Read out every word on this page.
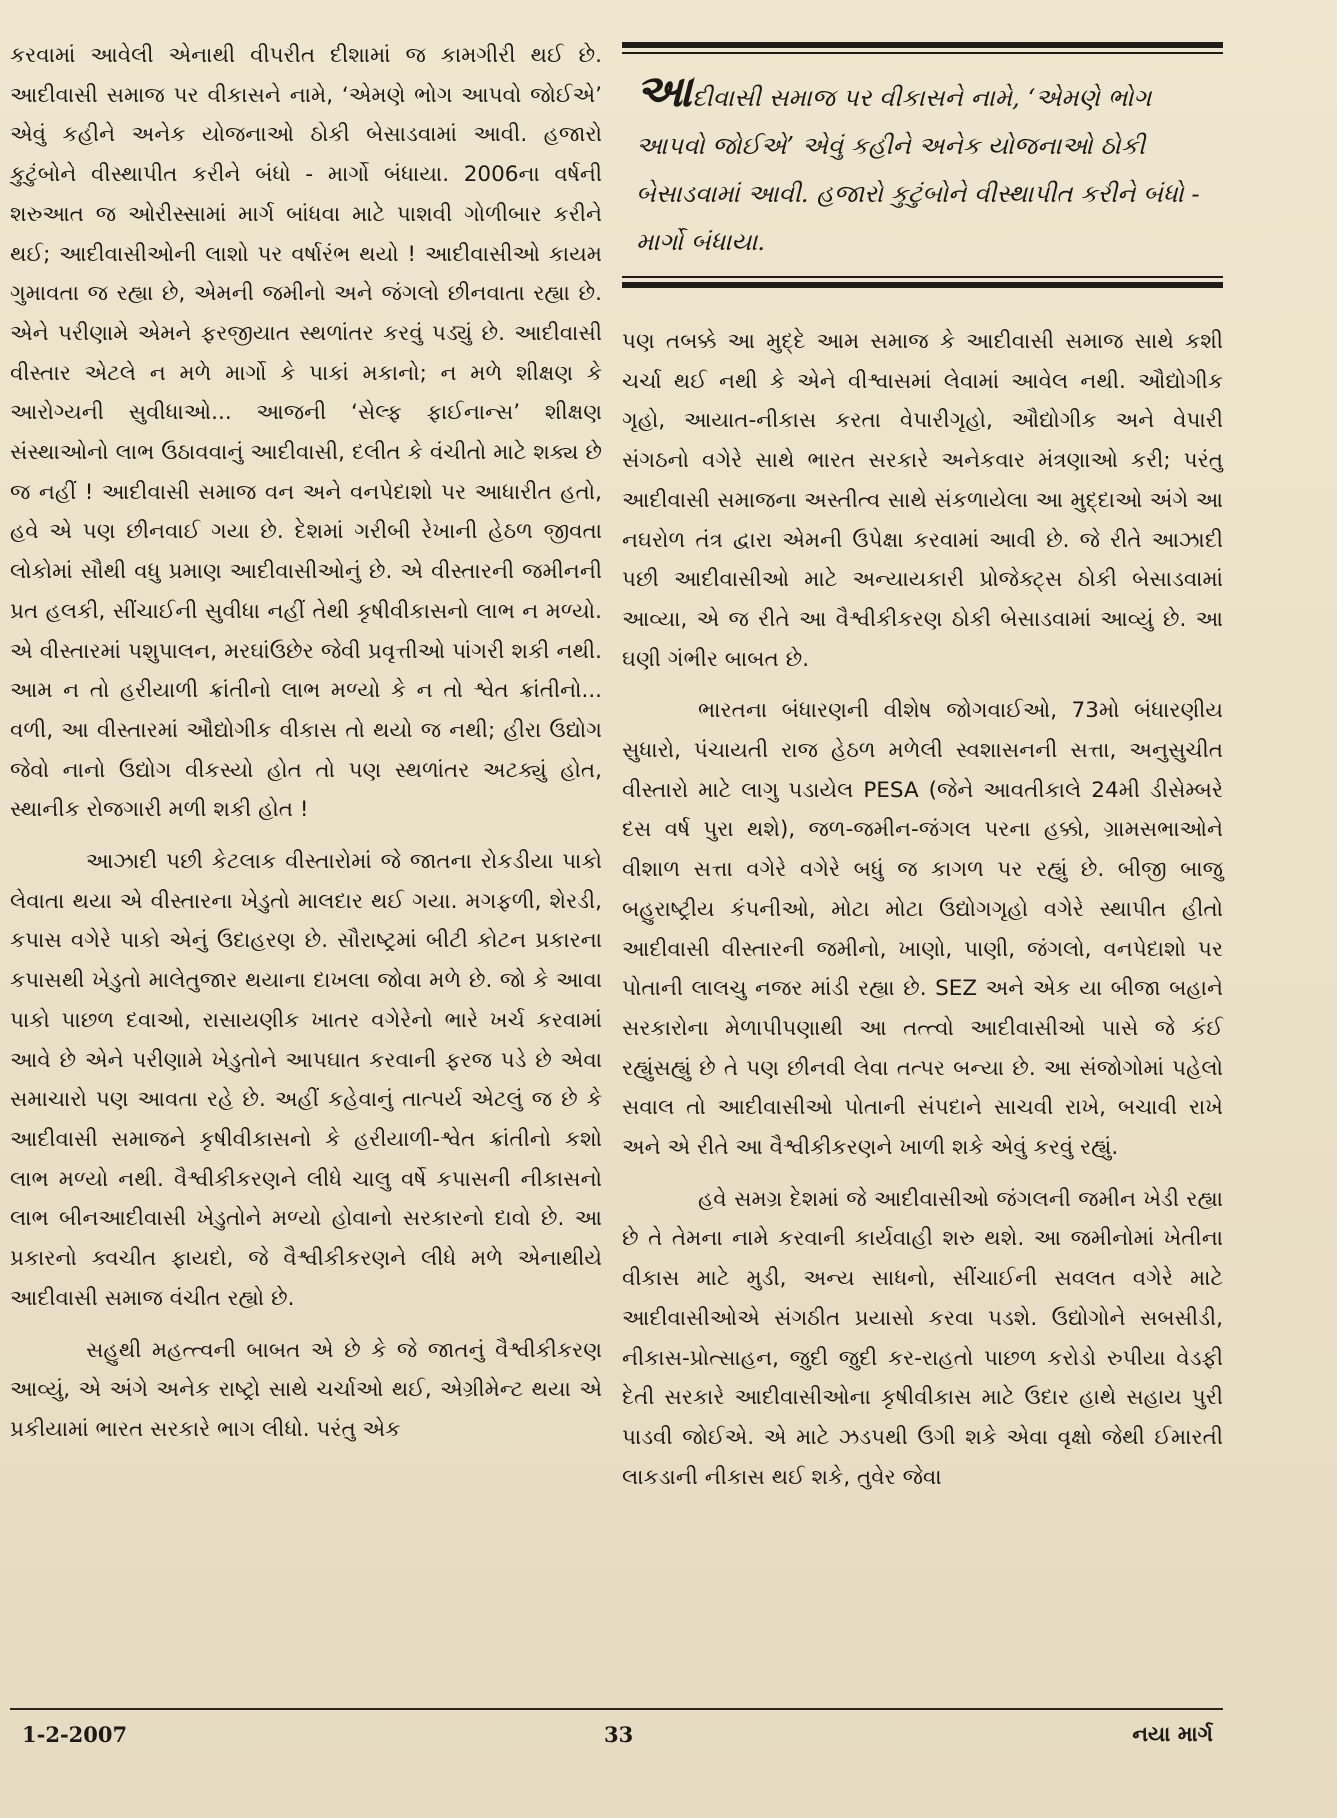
કરવામાં આવેલી એનાથી વીપરીત દીશામાં જ કામગીરી થઈ છે. આદીવાસી સમાજ પર વીકાસને નામે, ‘એમણે ભોગ આપવો જોઈએ’ એવું કહીને અનેક યોજનાઓ ઠોકી બેસાડવામાં આવી. હજારો કુટુંબોને વીસ્થાપીત કરીને બંધો - માર્ગો બંધાયા. 2006ના વર્ષની શરુઆત જ ઓરીસ્સામાં માર્ગ બાંધવા માટે પાશવી ગોળીબાર કરીને થઈ; આદીવાસીઓની લાશો પર વર્ષારંભ થયો ! આદીવાસીઓ કાયમ ગુમાવતા જ રહ્યા છે, એમની જમીનો અને જંગલો છીનવાતા રહ્યા છે. એને પરીણામે એમને ફરજીયાત સ્થળાંતર કરવું પડ્યું છે. આદીવાસી વીસ્તાર એટલે ન મળે માર્ગો કે પાકાં મકાનો; ન મળે શીક્ષણ કે આરોગ્યની સુવીધાઓ... આજની ‘સેલ્ફ ફાઈનાન્સ’ શીક્ષણ સંસ્થાઓનો લાભ ઉઠાવવાનું આદીવાસી, દલીત કે વંચીતો માટે શક્ય છે જ નહીં ! આદીવાસી સમાજ વન અને વનપેદાશો પર આધારીત હતો, હવે એ પણ છીનવાઈ ગયા છે. દેશમાં ગરીબી રેખાની હેઠળ જીવતા લોકોમાં સૌથી વધુ પ્રમાણ આદીવાસીઓનું છે. એ વીસ્તારની જમીનની પ્રત હલકી, સીંચાઈની સુવીધા નહીં તેથી કૃષીવીકાસનો લાભ ન મળ્યો. એ વીસ્તારમાં પશુપાલન, મરઘાંઉછેર જેવી પ્રવૃત્તીઓ પાંગરી શકી નથી. આમ ન તો હરીયાળી ક્રાંતીનો લાભ મળ્યો કે ન તો શ્વેત ક્રાંતીનો... વળી, આ વીસ્તારમાં ઔદ્યોગીક વીકાસ તો થયો જ નથી; હીરા ઉદ્યોગ જેવો નાનો ઉદ્યોગ વીકસ્યો હોત તો પણ સ્થળાંતર અટક્યું હોત, સ્થાનીક રોજગારી મળી શકી હોત !

આઝાદી પછી કેટલાક વીસ્તારોમાં જે જાતના રોકડીયા પાકો લેવાતા થયા એ વીસ્તારના ખેડુતો માલદાર થઈ ગયા. મગફળી, શેરડી, કપાસ વગેરે પાકો એનું ઉદાહરણ છે. સૌરાષ્ટ્રમાં બીટી કોટન પ્રકારના કપાસથી ખેડુતો માલેતુજાર થયાના દાખલા જોવા મળે છે. જો કે આવા પાકો પાછળ દવાઓ, રાસાયણીક ખાતર વગેરેનો ભારે ખર્ચ કરવામાં આવે છે એને પરીણામે ખેડુતોને આપઘાત કરવાની ફરજ પડે છે એવા સમાચારો પણ આવતા રહે છે. અહીં કહેવાનું તાત્પર્ય એટલું જ છે કે આદીવાસી સમાજને કૃષીવીકાસનો કે હરીયાળી-શ્વેત ક્રાંતીનો કશો લાભ મળ્યો નથી. વૈશ્વીકીકરણને લીધે ચાલુ વર્ષે કપાસની નીકાસનો લાભ બીનઆદીવાસી ખેડુતોને મળ્યો હોવાનો સરકારનો દાવો છે. આ પ્રકારનો ક્વચીત ફાયદો, જે વૈશ્વીકીકરણને લીધે મળે એનાથીયે આદીવાસી સમાજ વંચીત રહ્યો છે.

સહુથી મહત્ત્વની બાબત એ છે કે જે જાતનું વૈશ્વીકીકરણ આવ્યું, એ અંગે અનેક રાષ્ટ્રો સાથે ચર્ચાઓ થઈ, એગ્રીમેન્ટ થયા એ પ્રકીયામાં ભારત સરકારે ભાગ લીધો. પરંતુ એક

આદીવાસી સમાજ પર વીકાસને નામે, ‘એમણે ભોગ આપવો જોઈએ’ એવું કહીને અનેક યોજનાઓ ઠોકી બેસાડવામાં આવી. હજારો કુટુંબોને વીસ્થાપીત કરીને બંધો - માર્ગો બંધાયા.

પણ તબક્કે આ મુદ્દે આમ સમાજ કે આદીવાસી સમાજ સાથે કશી ચર્ચા થઈ નથી કે એને વીશ્વાસમાં લેવામાં આવેલ નથી. ઔદ્યોગીક ગૃહો, આયાત-નીકાસ કરતા વેપારીગૃહો, ઔદ્યોગીક અને વેપારી સંગઠનો વગેરે સાથે ભારત સરકારે અનેકવાર મંત્રણાઓ કરી; પરંતુ આદીવાસી સમાજના અસ્તીત્વ સાથે સંકળાયેલા આ મુદ્દાઓ અંગે આ નઘરોળ તંત્ર દ્વારા એમની ઉપેક્ષા કરવામાં આવી છે. જે રીતે આઝાદી પછી આદીવાસીઓ માટે અન્યાયકારી પ્રોજેક્ટ્સ ઠોકી બેસાડવામાં આવ્યા, એ જ રીતે આ વૈશ્વીકીકરણ ઠોકી બેસાડવામાં આવ્યું છે. આ ઘણી ગંભીર બાબત છે.

ભારતના બંધારણની વીશેષ જોગવાઈઓ, 73મો બંધારણીય સુધારો, પંચાયતી રાજ હેઠળ મળેલી સ્વશાસનની સત્તા, અનુસુચીત વીસ્તારો માટે લાગુ પડાયેલ PESA (જેને આવતીકાલે 24મી ડીસેમ્બરે દસ વર્ષ પુરા થશે), જળ-જમીન-જંગલ પરના હક્કો, ગ્રામસભાઓને વીશાળ સત્તા વગેરે વગેરે બધું જ કાગળ પર રહ્યું છે. બીજી બાજુ બહુરાષ્ટ્રીય કંપનીઓ, મોટા મોટા ઉદ્યોગગૃહો વગેરે સ્થાપીત હીતો આદીવાસી વીસ્તારની જમીનો, ખાણો, પાણી, જંગલો, વનપેદાશો પર પોતાની લાલચુ નજર માંડી રહ્યા છે. SEZ અને એક યા બીજા બહાને સરકારોના મેળાપીપણાથી આ તત્ત્વો આદીવાસીઓ પાસે જે કંઈ રહ્યુંસહ્યું છે તે પણ છીનવી લેવા તત્પર બન્યા છે. આ સંજોગોમાં પહેલો સવાલ તો આદીવાસીઓ પોતાની સંપદાને સાચવી રાખે, બચાવી રાખે અને એ રીતે આ વૈશ્વીકીકરણને ખાળી શકે એવું કરવું રહ્યું.

હવે સમગ્ર દેશમાં જે આદીવાસીઓ જંગલની જમીન ખેડી રહ્યા છે તે તેમના નામે કરવાની કાર્યવાહી શરુ થશે. આ જમીનોમાં ખેતીના વીકાસ માટે મુડી, અન્ય સાધનો, સીંચાઈની સવલત વગેરે માટે આદીવાસીઓએ સંગઠીત પ્રયાસો કરવા પડશે. ઉદ્યોગોને સબસીડી, નીકાસ-પ્રોત્સાહન, જુદી જુદી કર-રાહતો પાછળ કરોડો રુપીયા વેડફી દેતી સરકારે આદીવાસીઓના કૃષીવીકાસ માટે ઉદાર હાથે સહાય પુરી પાડવી જોઈએ. એ માટે ઝડપથી ઉગી શકે એવા વૃક્ષો જેથી ઈમારતી લાકડાની નીકાસ થઈ શકે, તુવેર જેવા

1-2-2007	33	નયા માર્ગ
